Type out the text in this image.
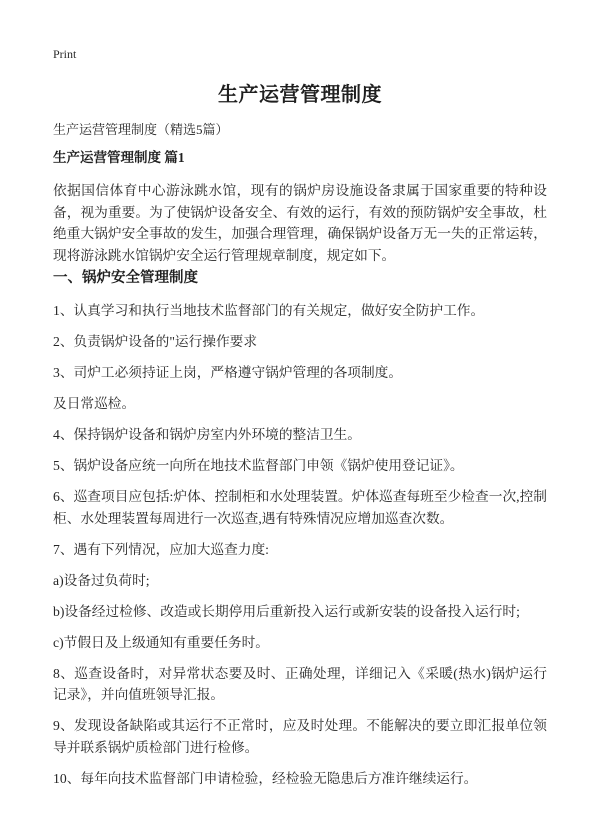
Print
生产运营管理制度

生产运营管理制度（精选5篇）

生产运营管理制度 篇1

依据国信体育中心游泳跳水馆，现有的锅炉房设施设备隶属于国家重要的特种设备，视为重要。为了使锅炉设备安全、有效的运行，有效的预防锅炉安全事故，杜绝重大锅炉安全事故的发生，加强合理管理，确保锅炉设备万无一失的正常运转，现将游泳跳水馆锅炉安全运行管理规章制度，规定如下。

一、锅炉安全管理制度

1、认真学习和执行当地技术监督部门的有关规定，做好安全防护工作。

2、负责锅炉设备的"运行操作要求

3、司炉工必须持证上岗，严格遵守锅炉管理的各项制度。

及日常巡检。

4、保持锅炉设备和锅炉房室内外环境的整洁卫生。

5、锅炉设备应统一向所在地技术监督部门申领《锅炉使用登记证》。

6、巡查项目应包括:炉体、控制柜和水处理装置。炉体巡查每班至少检查一次,控制柜、水处理装置每周进行一次巡查,遇有特殊情况应增加巡查次数。

7、遇有下列情况，应加大巡查力度:

a)设备过负荷时;

b)设备经过检修、改造或长期停用后重新投入运行或新安装的设备投入运行时;

c)节假日及上级通知有重要任务时。

8、巡查设备时，对异常状态要及时、正确处理，详细记入《采暖(热水)锅炉运行记录》，并向值班领导汇报。

9、发现设备缺陷或其运行不正常时，应及时处理。不能解决的要立即汇报单位领导并联系锅炉质检部门进行检修。

10、每年向技术监督部门申请检验，经检验无隐患后方准许继续运行。
